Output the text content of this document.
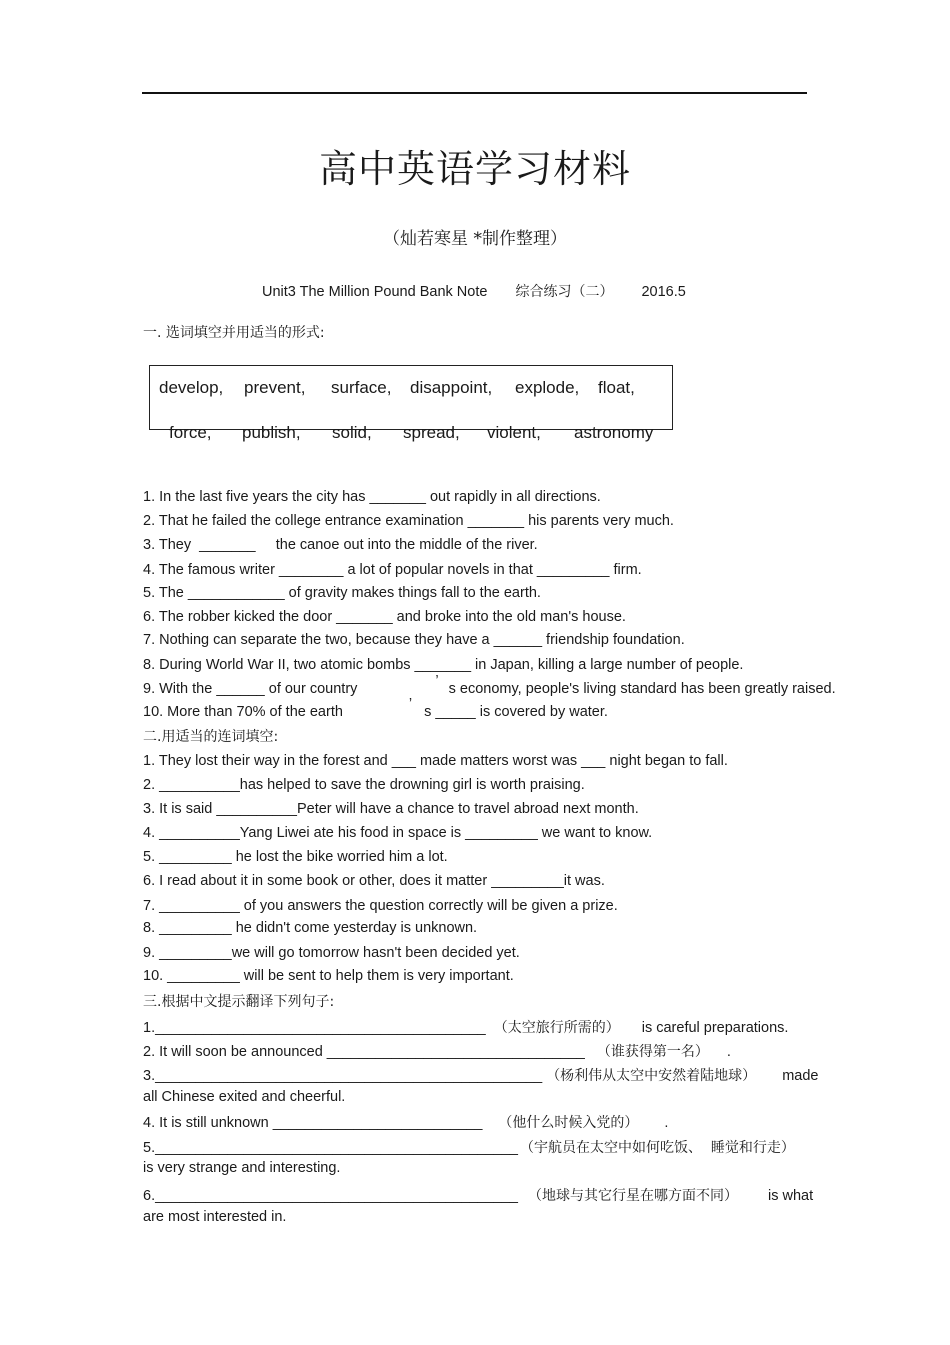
高中英语学习材料
（灿若寒星 *制作整理）
Unit3 The Million Pound Bank Note 综合练习（二） 2016.5
一. 选词填空并用适当的形式:
develop, prevent, surface, disappoint, explode, float,
force, publish, solid, spread, violent, astronomy
1. In the last five years the city has _______ out rapidly in all directions.
2. That he failed the college entrance examination _______ his parents very much.
3. They  _______     the canoe out into the middle of the river.
4. The famous writer ________ a lot of popular novels in that _________ firm.
5. The ____________ of gravity makes things fall to the earth.
6. The robber kicked the door _______ and broke into the old man's house.
7. Nothing can separate the two, because they have a ______ friendship foundation.
8. During World War II, two atomic bombs _______ in Japan, killing a large number of people.
9. With the ______ of our country	’ s economy, people's living standard has been greatly raised.
10. More than 70% of the earth	’ s _____ is covered by water.
二.用适当的连词填空:
1. They lost their way in the forest and ___ made matters worst was ___ night began to fall.
2. __________has helped to save the drowning girl is worth praising.
3. It is said __________Peter will have a chance to travel abroad next month.
4. __________Yang Liwei ate his food in space is _________ we want to know.
5. _________ he lost the bike worried him a lot.
6. I read about it in some book or other, does it matter _________it was.
7. __________ of you answers the question correctly will be given a prize.
8. _________ he didn't come yesterday is unknown.
9. _________we will go tomorrow hasn't been decided yet.
10. _________ will be sent to help them is very important.
三.根据中文提示翻译下列句子:
1._________________________________________ （太空旅行所需的） is careful preparations.
2. It will soon be announced ________________________________ （谁获得第一名） .
3.________________________________________________ （杨利伟从太空中安然着陆地球） made
all Chinese exited and cheerful.
4. It is still unknown __________________________ （他什么时候入党的） .
5._____________________________________________ （宇航员在太空中如何吃饭、  睡觉和行走）
is very strange and interesting.
6._____________________________________________ （地球与其它行星在哪方面不同） is what
are most interested in.
